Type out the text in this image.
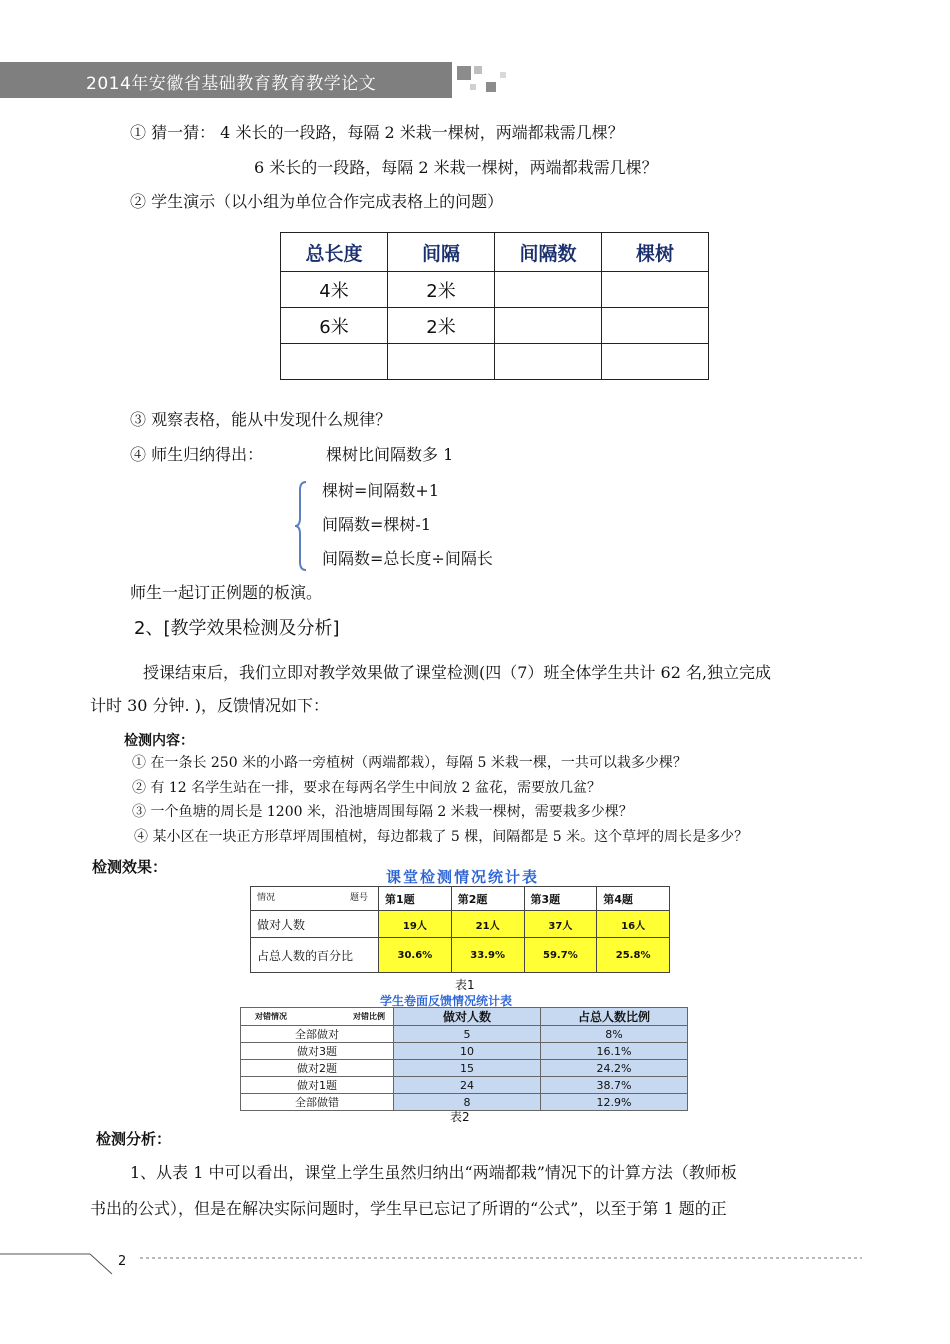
2014年安徽省基础教育教育教学论文
① 猜一猜： 4 米长的一段路，每隔 2 米栽一棵树，两端都栽需几棵？
6 米长的一段路，每隔 2 米栽一棵树，两端都栽需几棵？
② 学生演示（以小组为单位合作完成表格上的问题）
总长度	间隔	间隔数	棵树
4米	2米		
6米	2米		

③ 观察表格，能从中发现什么规律？
④ 师生归纳得出：	棵树比间隔数多 1
棵树=间隔数+1
间隔数=棵树-1
间隔数=总长度÷间隔长
师生一起订正例题的板演。
2、[教学效果检测及分析]
授课结束后，我们立即对教学效果做了课堂检测(四（7）班全体学生共计 62 名,独立完成
计时 30 分钟. )，反馈情况如下：
检测内容：
① 在一条长 250 米的小路一旁植树（两端都栽），每隔 5 米栽一棵，一共可以栽多少棵？
② 有 12 名学生站在一排，要求在每两名学生中间放 2 盆花，需要放几盆？
③ 一个鱼塘的周长是 1200 米，沿池塘周围每隔 2 米栽一棵树，需要栽多少棵？
④ 某小区在一块正方形草坪周围植树，每边都栽了 5 棵，间隔都是 5 米。这个草坪的周长是多少？
检测效果：
课堂检测情况统计表
情况 题号	第1题	第2题	第3题	第4题
做对人数	19人	21人	37人	16人
占总人数的百分比	30.6%	33.9%	59.7%	25.8%
表1
学生卷面反馈情况统计表
对错情况 对错比例	做对人数	占总人数比例
全部做对	5	8%
做对3题	10	16.1%
做对2题	15	24.2%
做对1题	24	38.7%
全部做错	8	12.9%
表2
检测分析：
1、从表 1 中可以看出，课堂上学生虽然归纳出“两端都栽”情况下的计算方法（教师板
书出的公式），但是在解决实际问题时，学生早已忘记了所谓的“公式”，以至于第 1 题的正
2
